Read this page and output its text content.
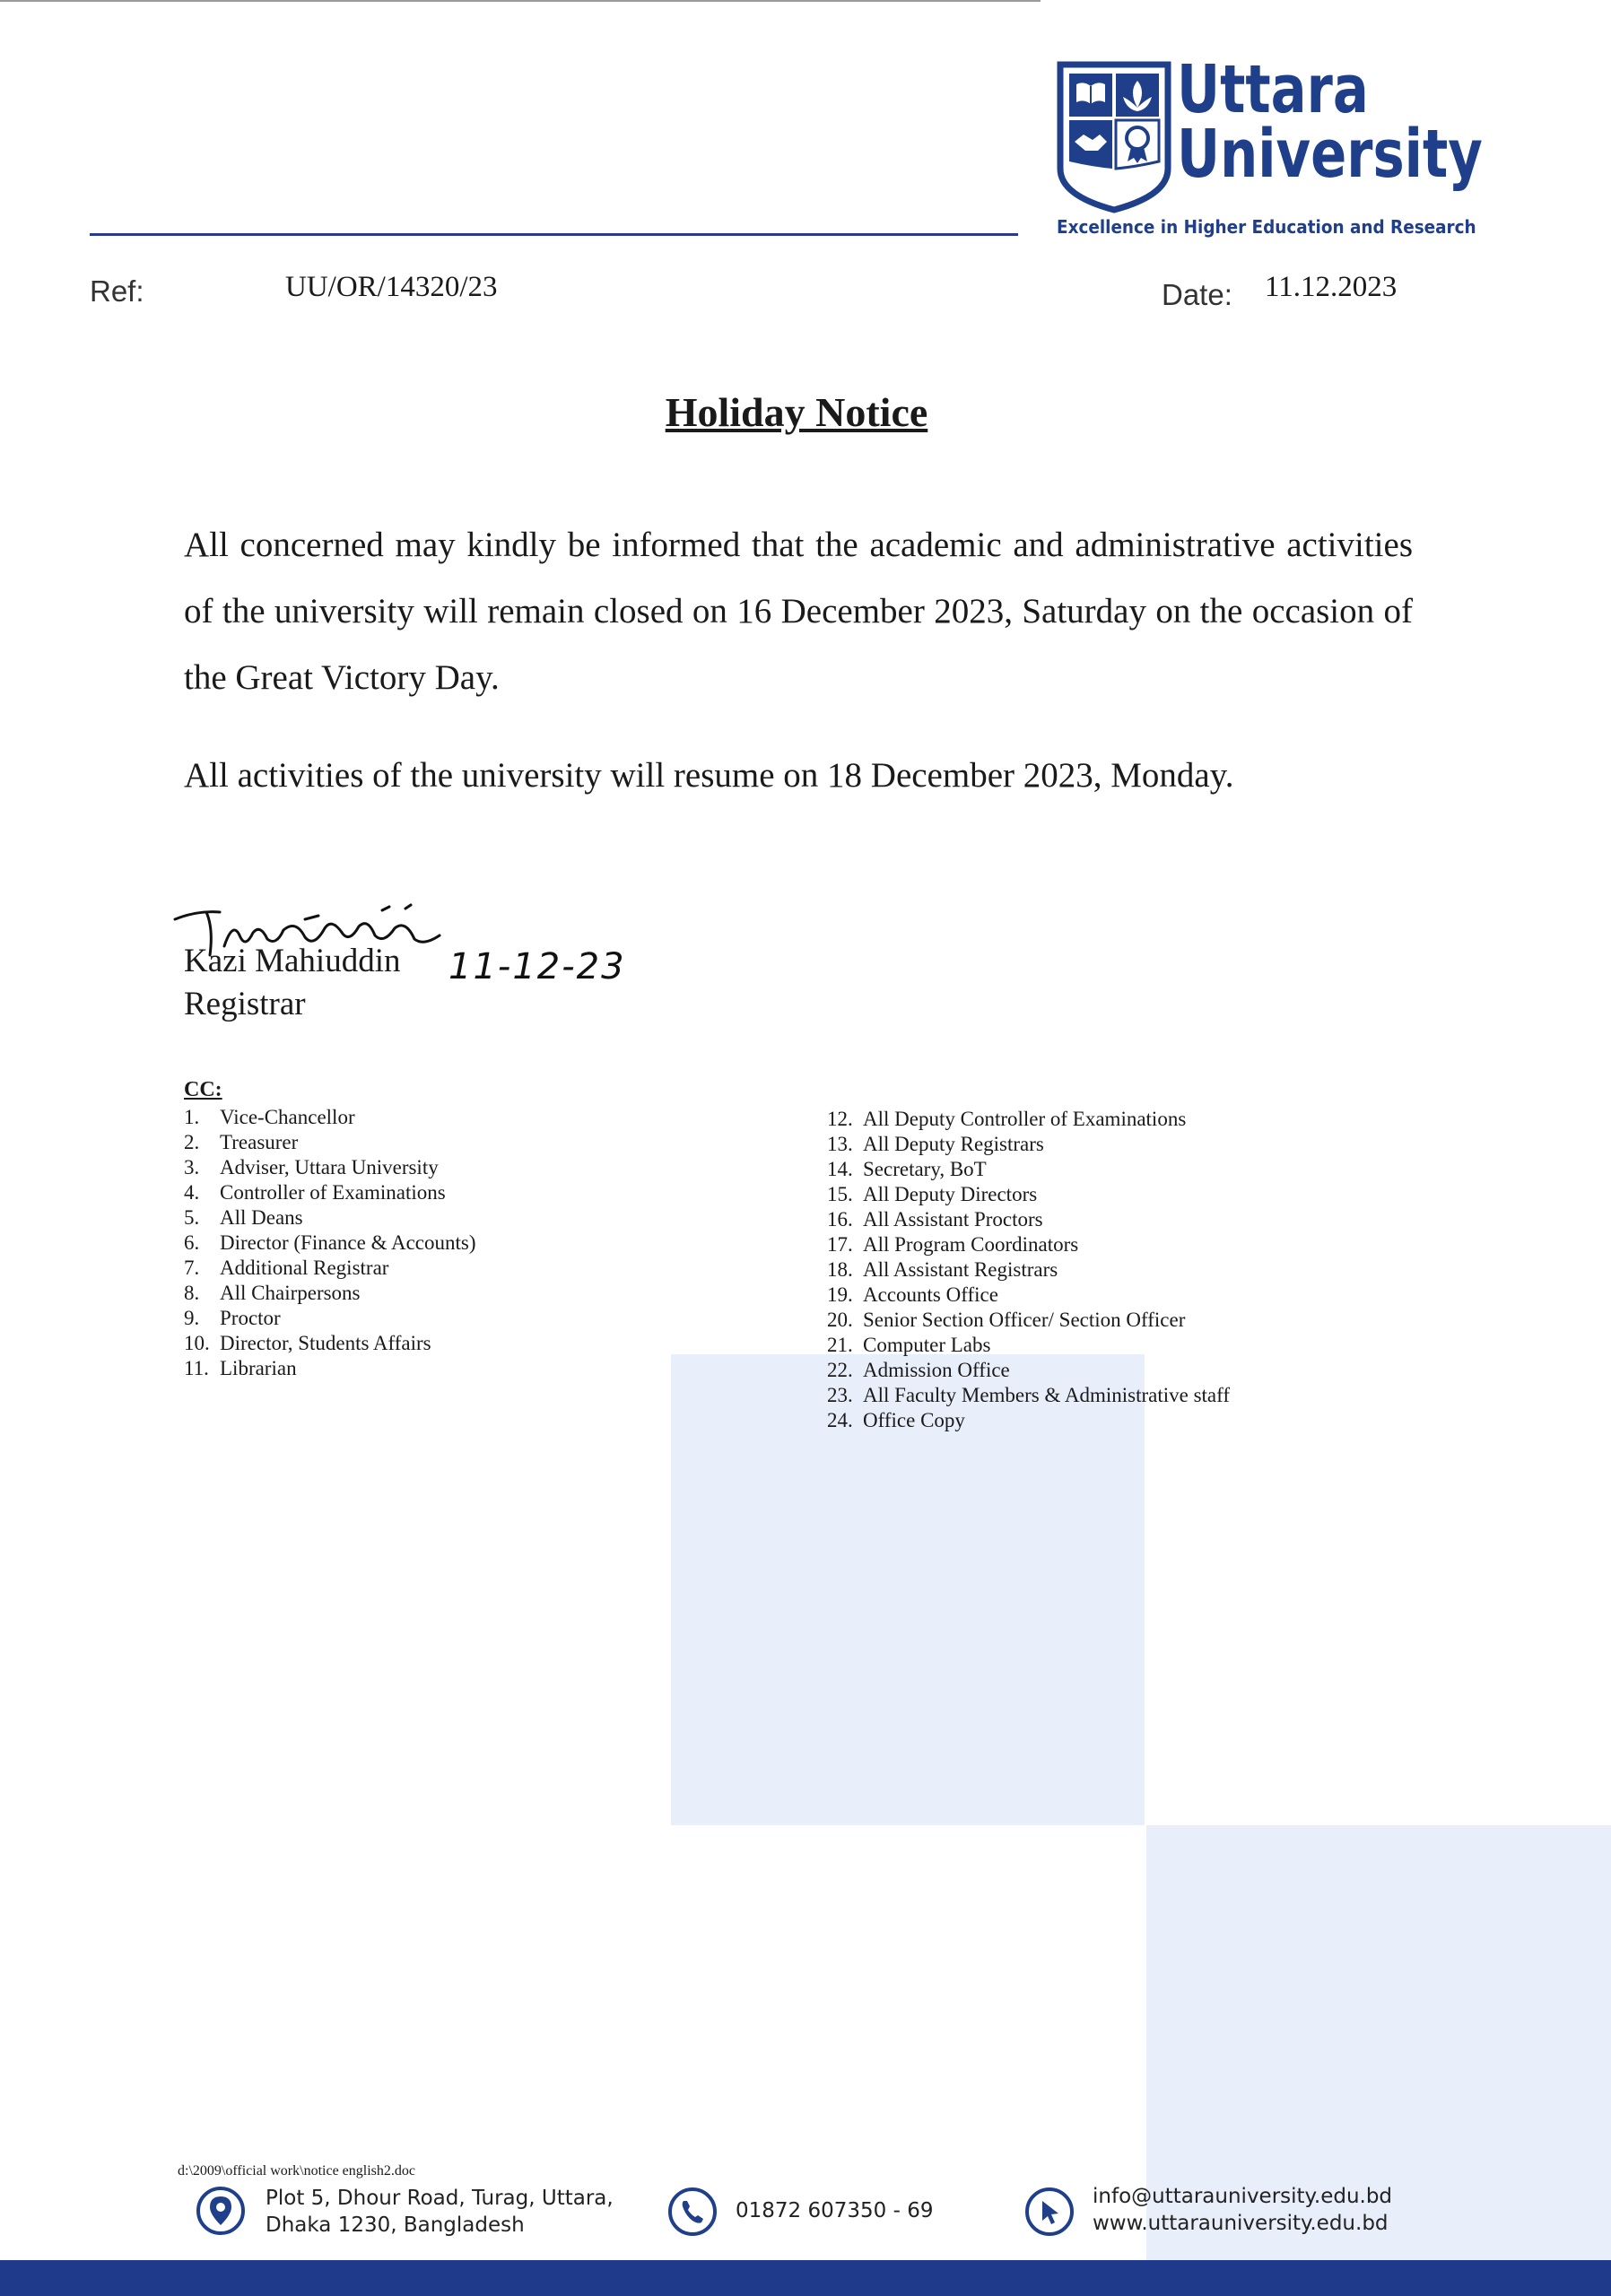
Uttara
University
Excellence in Higher Education and Research
Ref:	UU/OR/14320/23	Date: 11.12.2023
Holiday Notice

All concerned may kindly be informed that the academic and administrative activities of the university will remain closed on 16 December 2023, Saturday on the occasion of the Great Victory Day.

All activities of the university will resume on 18 December 2023, Monday.

Kazi Mahiuddin 11-12-23
Registrar
CC:
1. Vice-Chancellor
2. Treasurer
3. Adviser, Uttara University
4. Controller of Examinations
5. All Deans
6. Director (Finance & Accounts)
7. Additional Registrar
8. All Chairpersons
9. Proctor
10. Director, Students Affairs
11. Librarian
12. All Deputy Controller of Examinations
13. All Deputy Registrars
14. Secretary, BoT
15. All Deputy Directors
16. All Assistant Proctors
17. All Program Coordinators
18. All Assistant Registrars
19. Accounts Office
20. Senior Section Officer/ Section Officer
21. Computer Labs
22. Admission Office
23. All Faculty Members & Administrative staff
24. Office Copy
d:\2009\official work\notice english2.doc
Plot 5, Dhour Road, Turag, Uttara,
Dhaka 1230, Bangladesh
01872 607350 - 69
info@uttarauniversity.edu.bd
www.uttarauniversity.edu.bd
